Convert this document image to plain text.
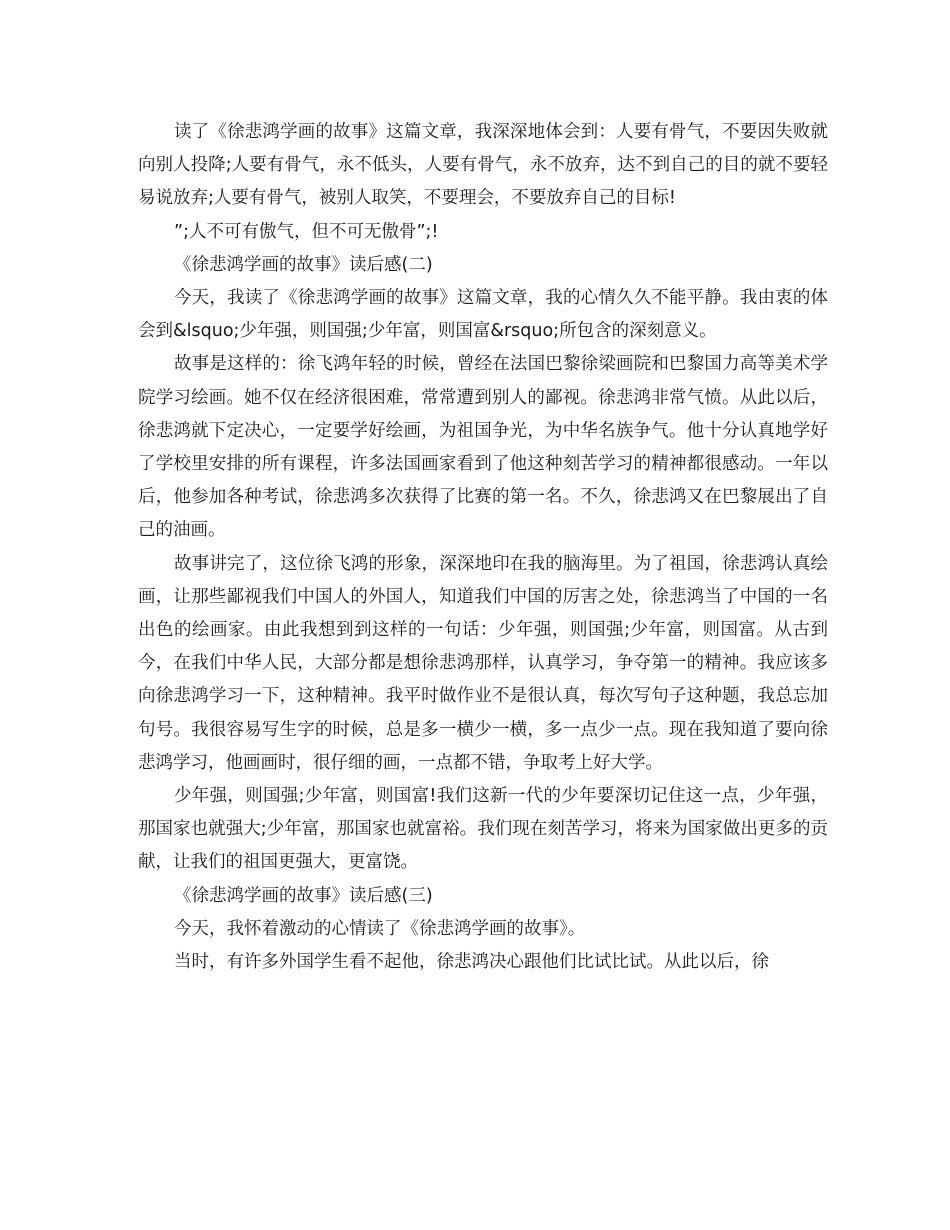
读了《徐悲鸿学画的故事》这篇文章，我深深地体会到：人要有骨气，不要因失败就向别人投降;人要有骨气，永不低头，人要有骨气，永不放弃，达不到自己的目的就不要轻易说放弃;人要有骨气，被别人取笑，不要理会，不要放弃自己的目标!

”;人不可有傲气，但不可无傲骨”;!

《徐悲鸿学画的故事》读后感(二)

今天，我读了《徐悲鸿学画的故事》这篇文章，我的心情久久不能平静。我由衷的体会到&lsquo;少年强，则国强;少年富，则国富&rsquo;所包含的深刻意义。

故事是这样的：徐飞鸿年轻的时候，曾经在法国巴黎徐梁画院和巴黎国力高等美术学院学习绘画。她不仅在经济很困难，常常遭到别人的鄙视。徐悲鸿非常气愤。从此以后，徐悲鸿就下定决心，一定要学好绘画，为祖国争光，为中华名族争气。他十分认真地学好了学校里安排的所有课程，许多法国画家看到了他这种刻苦学习的精神都很感动。一年以后，他参加各种考试，徐悲鸿多次获得了比赛的第一名。不久，徐悲鸿又在巴黎展出了自己的油画。

故事讲完了，这位徐飞鸿的形象，深深地印在我的脑海里。为了祖国，徐悲鸿认真绘画，让那些鄙视我们中国人的外国人，知道我们中国的厉害之处，徐悲鸿当了中国的一名出色的绘画家。由此我想到到这样的一句话：少年强，则国强;少年富，则国富。从古到今，在我们中华人民，大部分都是想徐悲鸿那样，认真学习，争夺第一的精神。我应该多向徐悲鸿学习一下，这种精神。我平时做作业不是很认真，每次写句子这种题，我总忘加句号。我很容易写生字的时候，总是多一横少一横，多一点少一点。现在我知道了要向徐悲鸿学习，他画画时，很仔细的画，一点都不错，争取考上好大学。

少年强，则国强;少年富，则国富!我们这新一代的少年要深切记住这一点，少年强，那国家也就强大;少年富，那国家也就富裕。我们现在刻苦学习，将来为国家做出更多的贡献，让我们的祖国更强大，更富饶。

《徐悲鸿学画的故事》读后感(三)

今天，我怀着激动的心情读了《徐悲鸿学画的故事》。

当时，有许多外国学生看不起他，徐悲鸿决心跟他们比试比试。从此以后，徐
